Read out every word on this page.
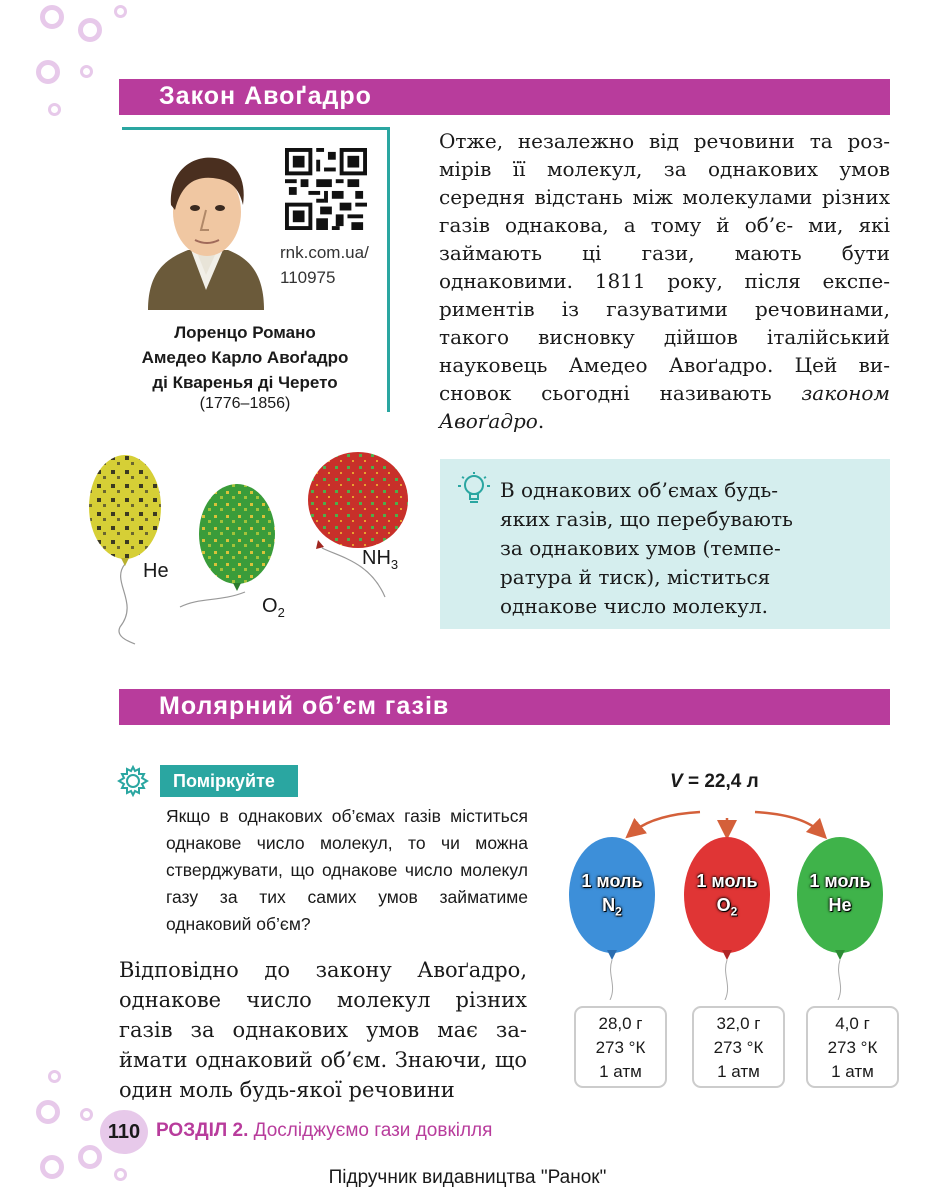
Закон Авоґадро
rnk.com.ua/
110975
Лоренцо Романо
Амедео Карло Авоґадро
ді Кваренья ді Черето
(1776–1856)
Отже, незалежно від речовини та роз- мірів її молекул, за однакових умов середня відстань між молекулами різних газів однакова, а тому й об’є- ми, які займають ці гази, мають бути однаковими. 1811 року, після експе- риментів із газуватими речовинами, такого висновку дійшов італійський науковець Амедео Авоґадро. Цей ви- сновок сьогодні називають законом Авоґадро.
He
$O_2$
$NH_3$
В однакових об’ємах будь-
яких газів, що перебувають
за однакових умов (темпе-
ратура й тиск), міститься
однакове число молекул.
Молярний об’єм газів
Поміркуйте
Якщо в однакових об’ємах газів міститься однакове число молекул, то чи можна стверджувати, що однакове число молекул газу за тих самих умов займатиме однаковий об’єм?
Відповідно до закону Авоґадро, однакове число молекул різних газів за однакових умов має за- ймати однаковий об’єм. Знаючи, що один моль будь-якої речовини
V = 22,4 л
1 моль
$N_2$
1 моль
$O_2$
1 моль
He
28,0 г
273 °К
1 атм
32,0 г
273 °К
1 атм
4,0 г
273 °К
1 атм
110 РОЗДІЛ 2. Досліджуємо гази довкілля
Підручник видавництва "Ранок"
